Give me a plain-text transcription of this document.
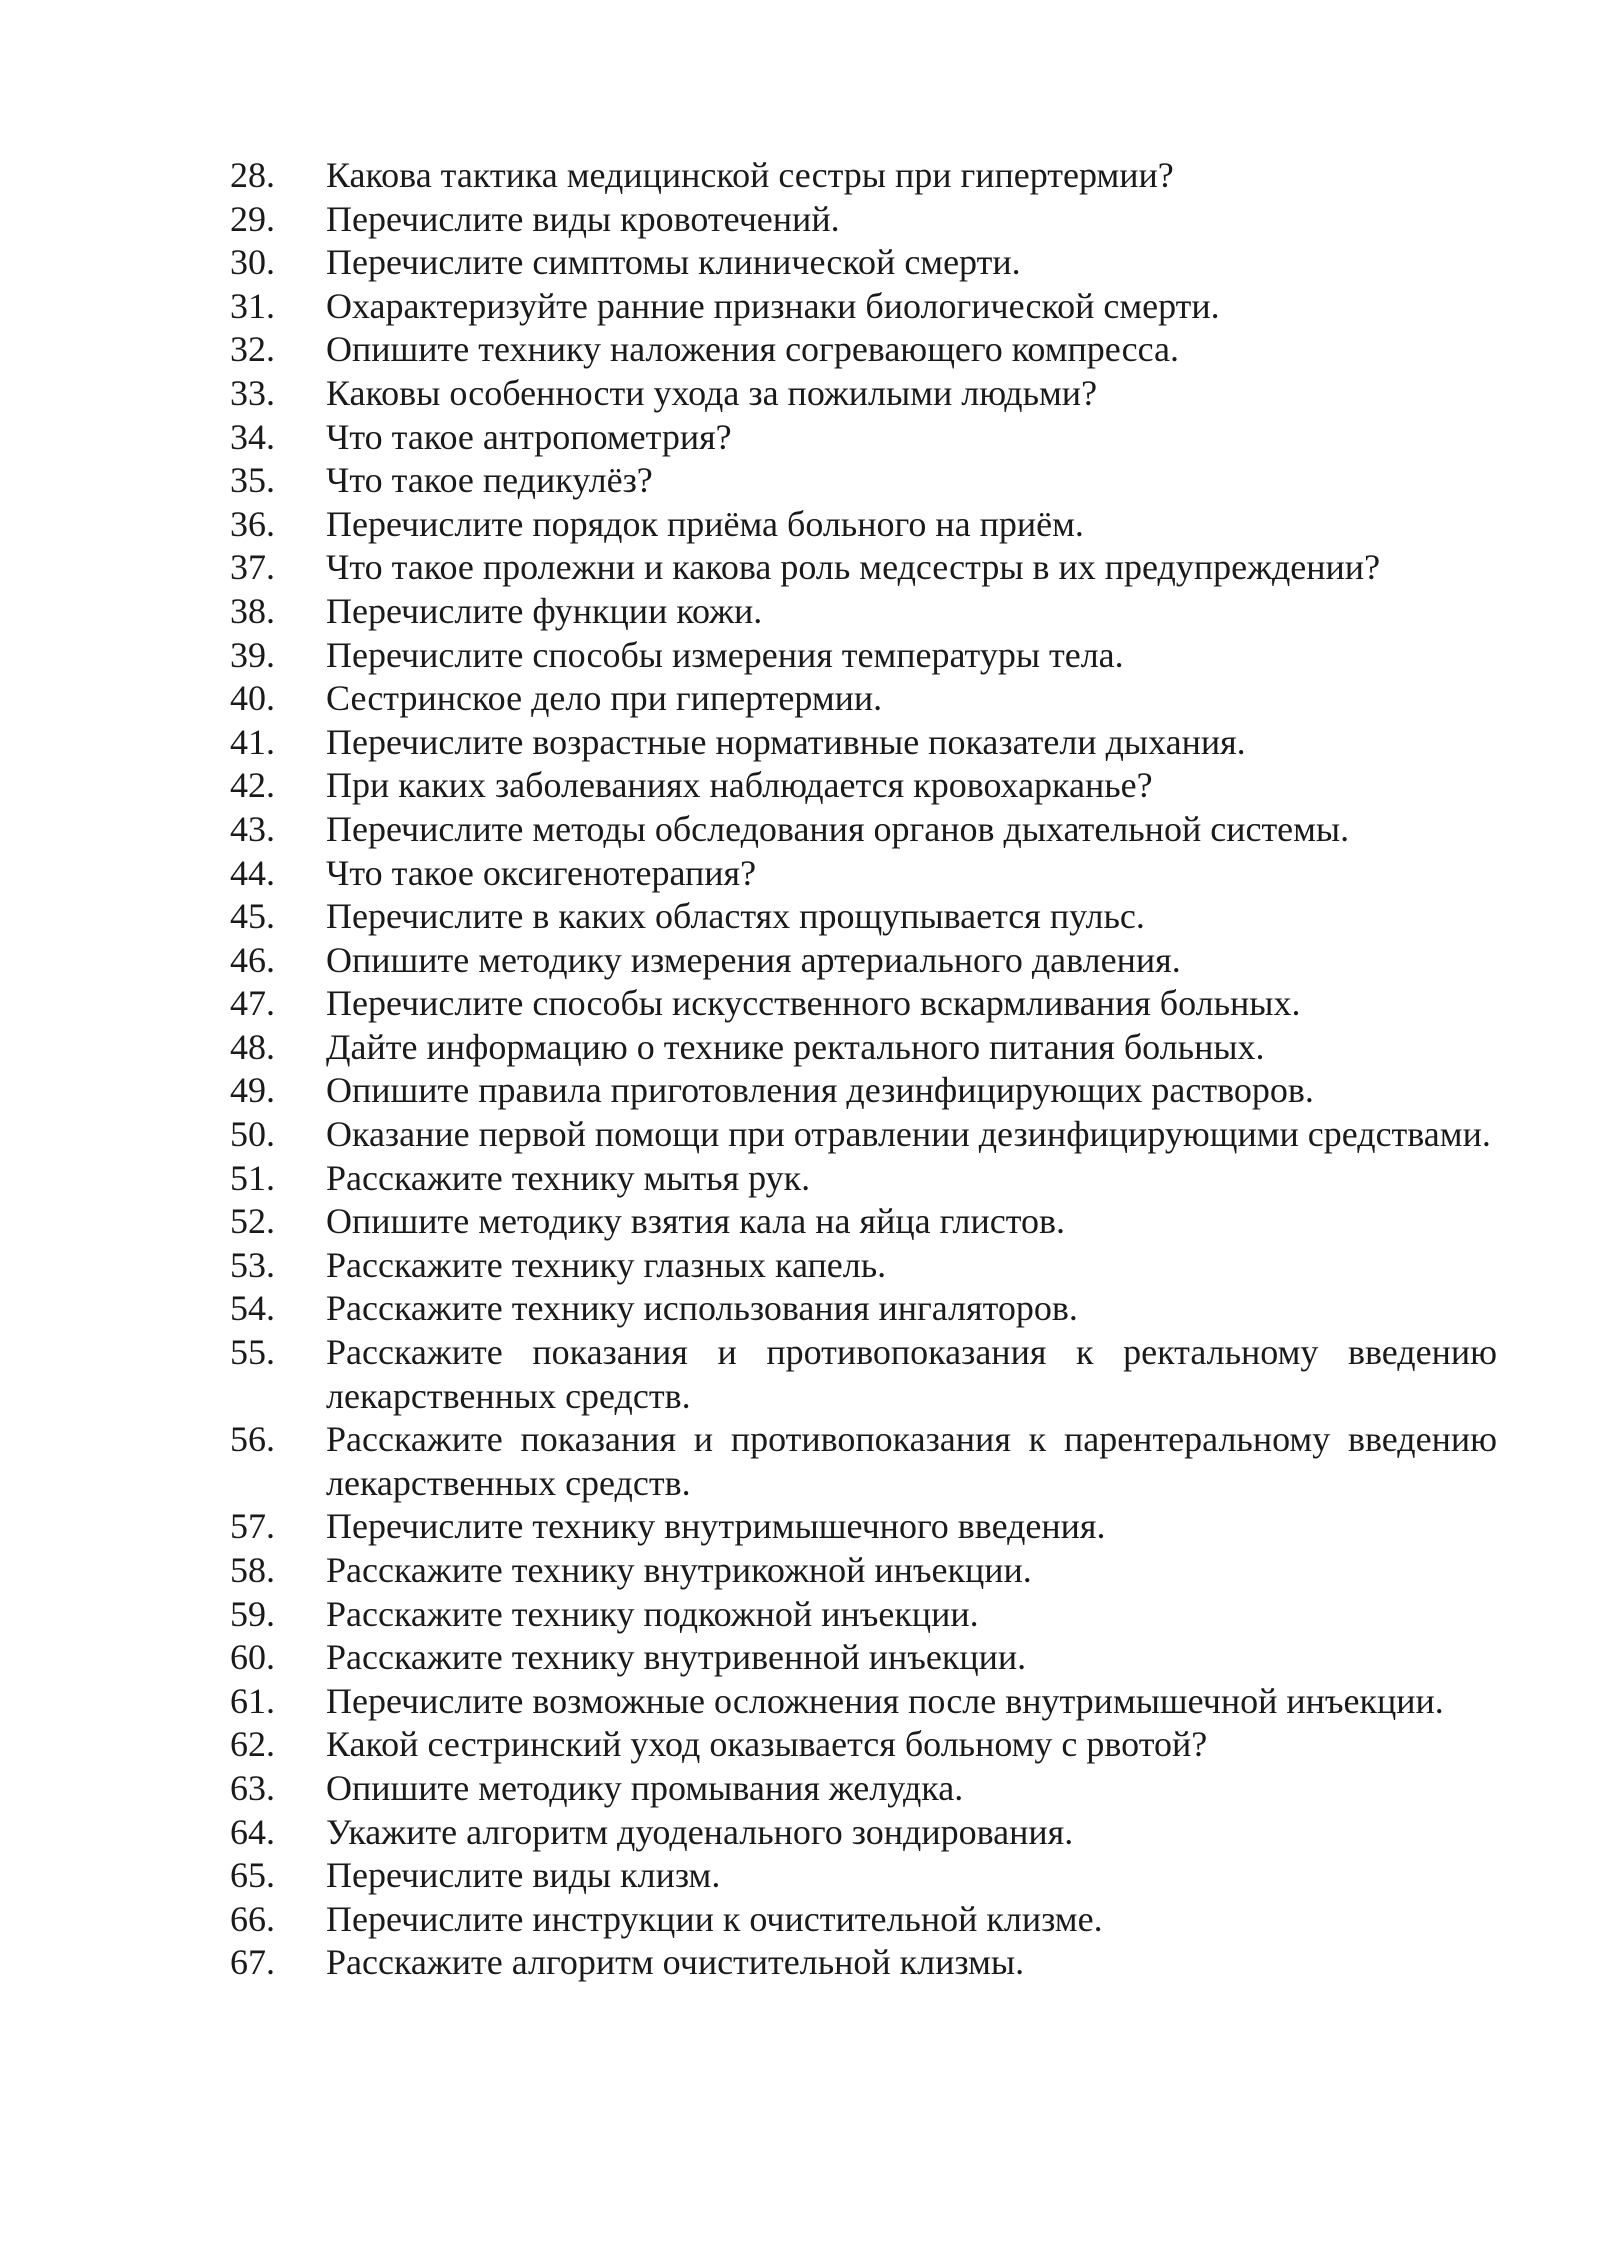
28.	Какова тактика медицинской сестры при гипертермии?
29.	Перечислите виды кровотечений.
30.	Перечислите симптомы клинической смерти.
31.	Охарактеризуйте ранние признаки биологической смерти.
32.	Опишите технику наложения согревающего компресса.
33.	Каковы особенности ухода за пожилыми людьми?
34.	Что такое антропометрия?
35.	Что такое педикулёз?
36.	Перечислите порядок приёма больного на приём.
37.	Что такое пролежни и какова роль медсестры в их предупреждении?
38.	Перечислите функции кожи.
39.	Перечислите способы измерения температуры тела.
40.	Сестринское дело при гипертермии.
41.	Перечислите возрастные нормативные показатели дыхания.
42.	При каких заболеваниях наблюдается кровохарканье?
43.	Перечислите методы обследования органов дыхательной системы.
44.	Что такое оксигенотерапия?
45.	Перечислите в каких областях прощупывается пульс.
46.	Опишите методику измерения артериального давления.
47.	Перечислите способы искусственного вскармливания больных.
48.	Дайте информацию о технике ректального питания больных.
49.	Опишите правила приготовления дезинфицирующих растворов.
50.	Оказание первой помощи при отравлении дезинфицирующими средствами.
51.	Расскажите технику мытья рук.
52.	Опишите методику взятия кала на яйца глистов.
53.	Расскажите технику глазных капель.
54.	Расскажите технику использования ингаляторов.
55.	Расскажите показания и противопоказания к ректальному введению лекарственных средств.
56.	Расскажите показания и противопоказания к парентеральному введению лекарственных средств.
57.	Перечислите технику внутримышечного введения.
58.	Расскажите технику внутрикожной инъекции.
59.	Расскажите технику подкожной инъекции.
60.	Расскажите технику внутривенной инъекции.
61.	Перечислите возможные осложнения после внутримышечной инъекции.
62.	Какой сестринский уход оказывается больному с рвотой?
63.	Опишите методику промывания желудка.
64.	Укажите алгоритм дуоденального зондирования.
65.	Перечислите виды клизм.
66.	Перечислите инструкции к очистительной клизме.
67.	Расскажите алгоритм очистительной клизмы.
